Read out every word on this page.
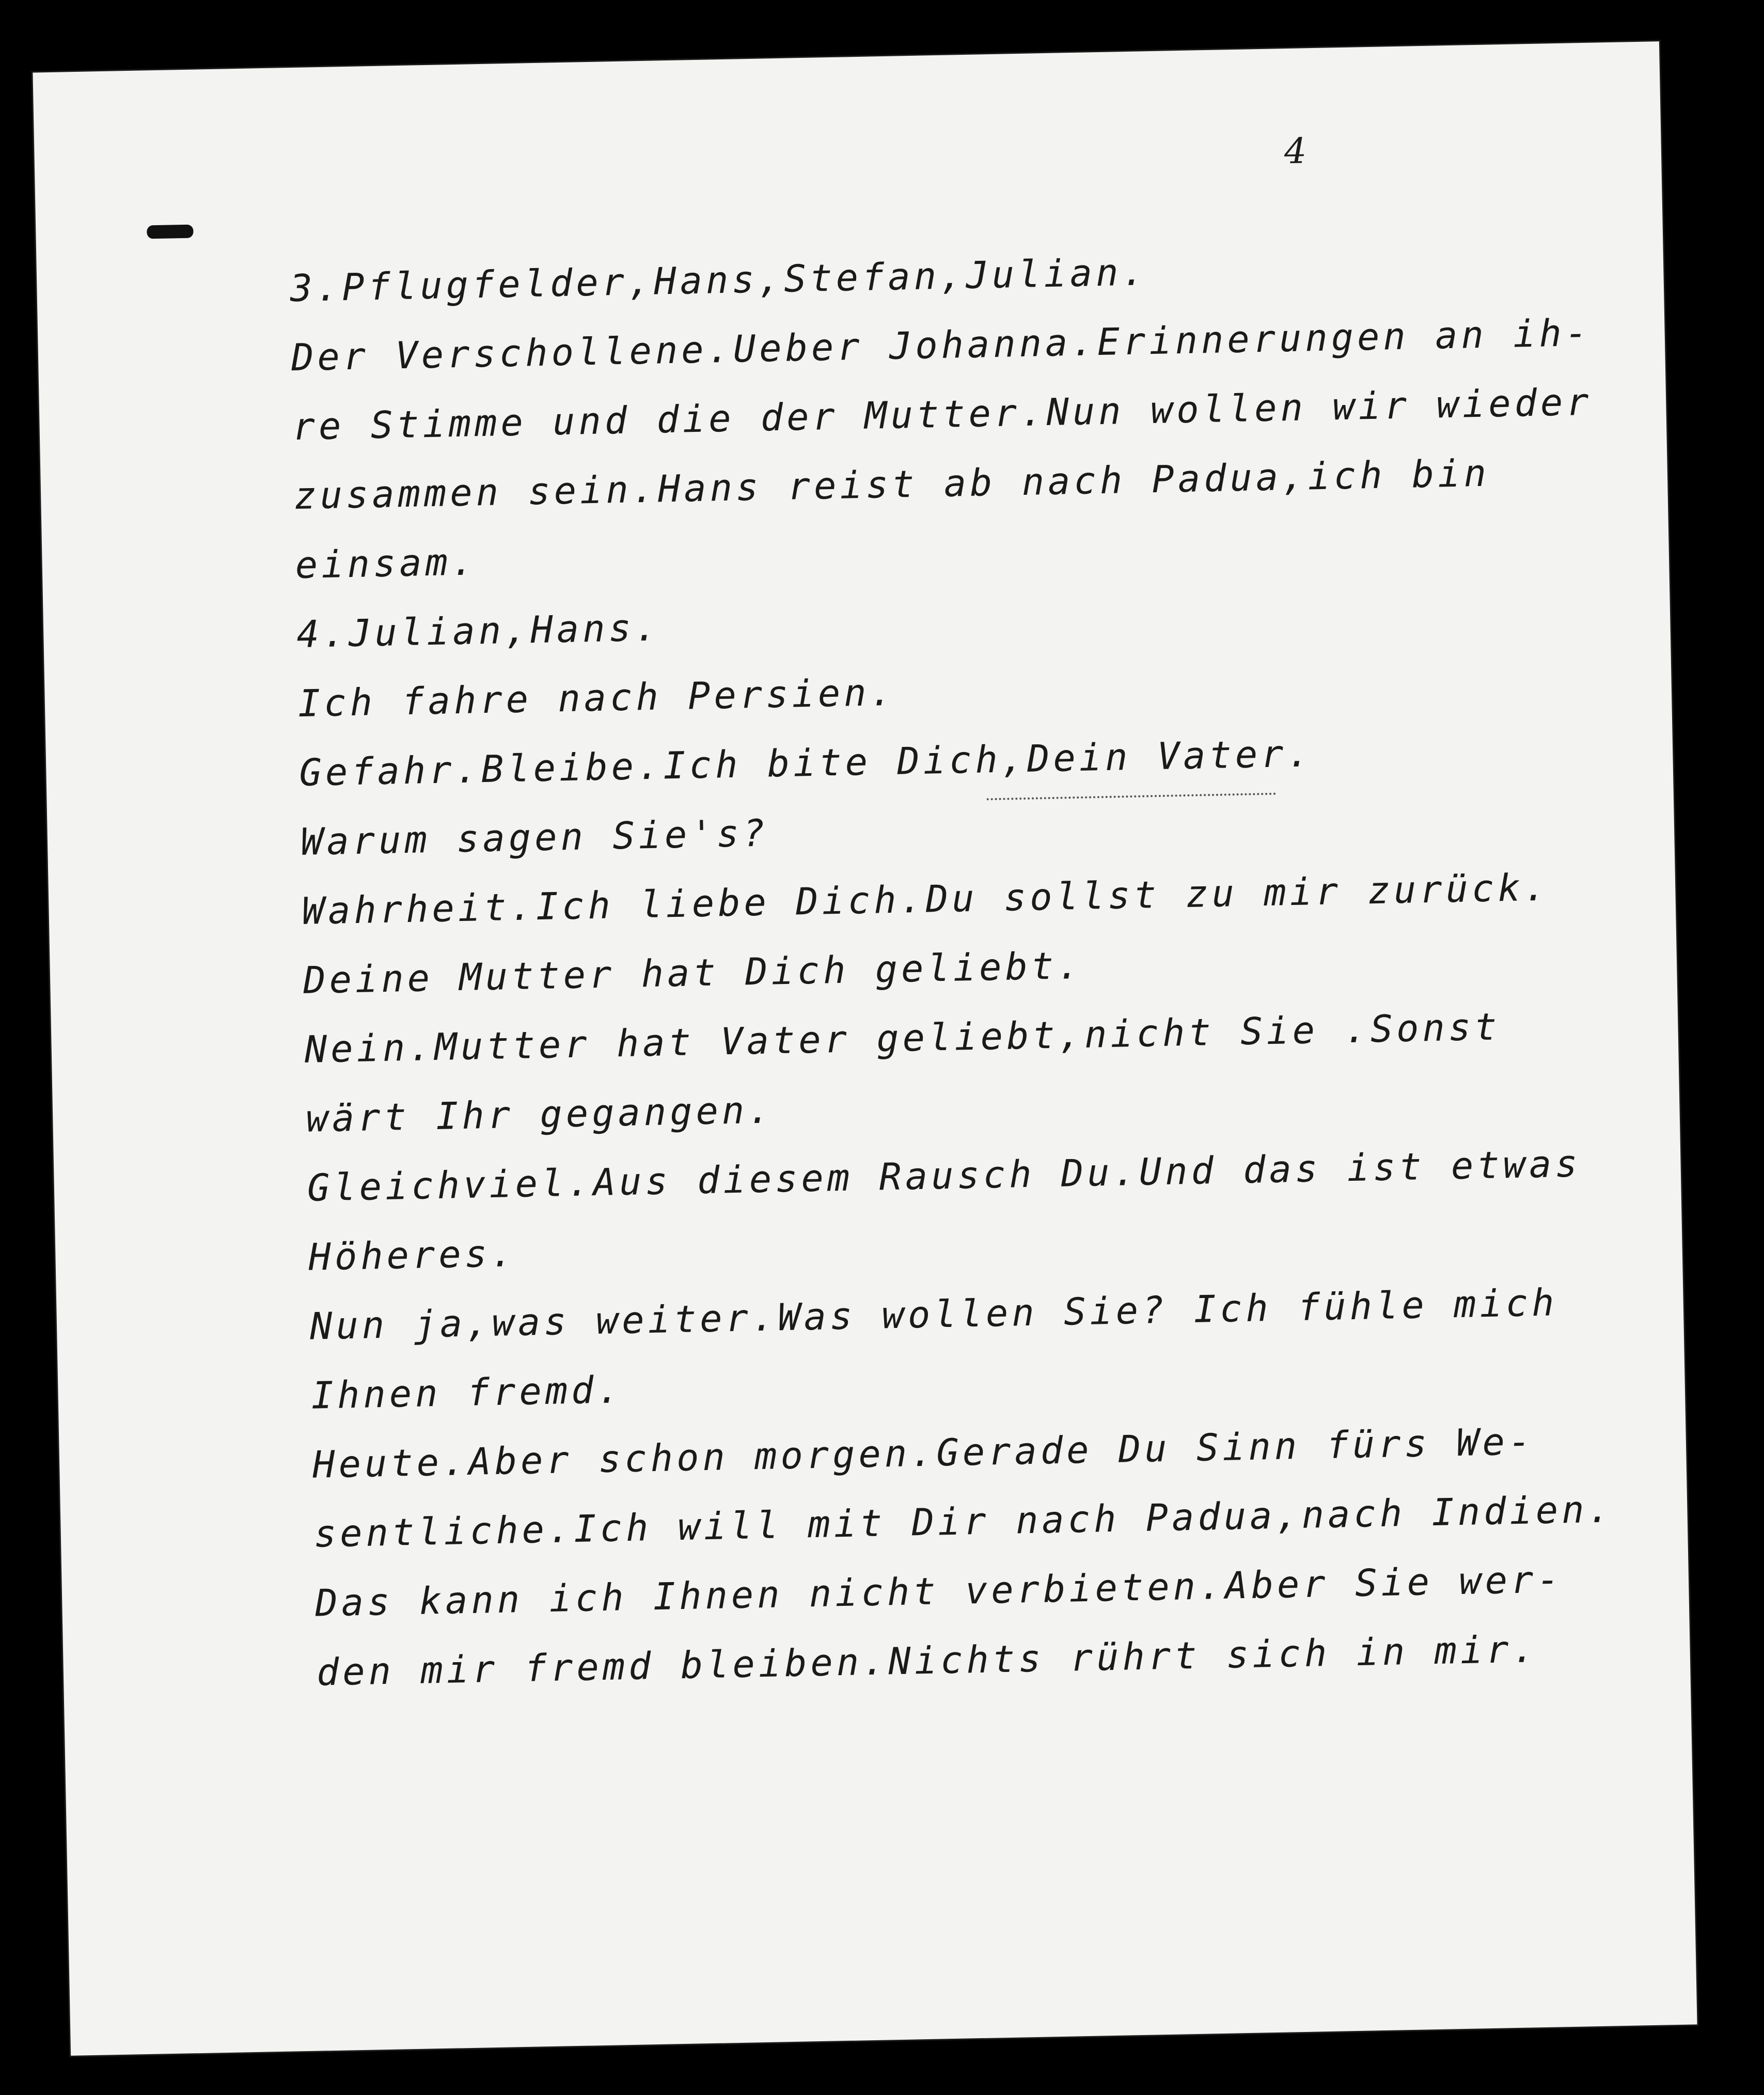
4
3.Pflugfelder,Hans,Stefan,Julian.
Der Verschollene.Ueber Johanna.Erinnerungen an ih-
re Stimme und die der Mutter.Nun wollen wir wieder
zusammen sein.Hans reist ab nach Padua,ich bin
einsam.
4.Julian,Hans.
Ich fahre nach Persien.
Gefahr.Bleibe.Ich bite Dich,Dein Vater.
Warum sagen Sie's?
Wahrheit.Ich liebe Dich.Du sollst zu mir zurück.
Deine Mutter hat Dich geliebt.
Nein.Mutter hat Vater geliebt,nicht Sie .Sonst
wärt Ihr gegangen.
Gleichviel.Aus diesem Rausch Du.Und das ist etwas
Höheres.
Nun ja,was weiter.Was wollen Sie? Ich fühle mich
Ihnen fremd.
Heute.Aber schon morgen.Gerade Du Sinn fürs We-
sentliche.Ich will mit Dir nach Padua,nach Indien.
Das kann ich Ihnen nicht verbieten.Aber Sie wer-
den mir fremd bleiben.Nichts rührt sich in mir.
